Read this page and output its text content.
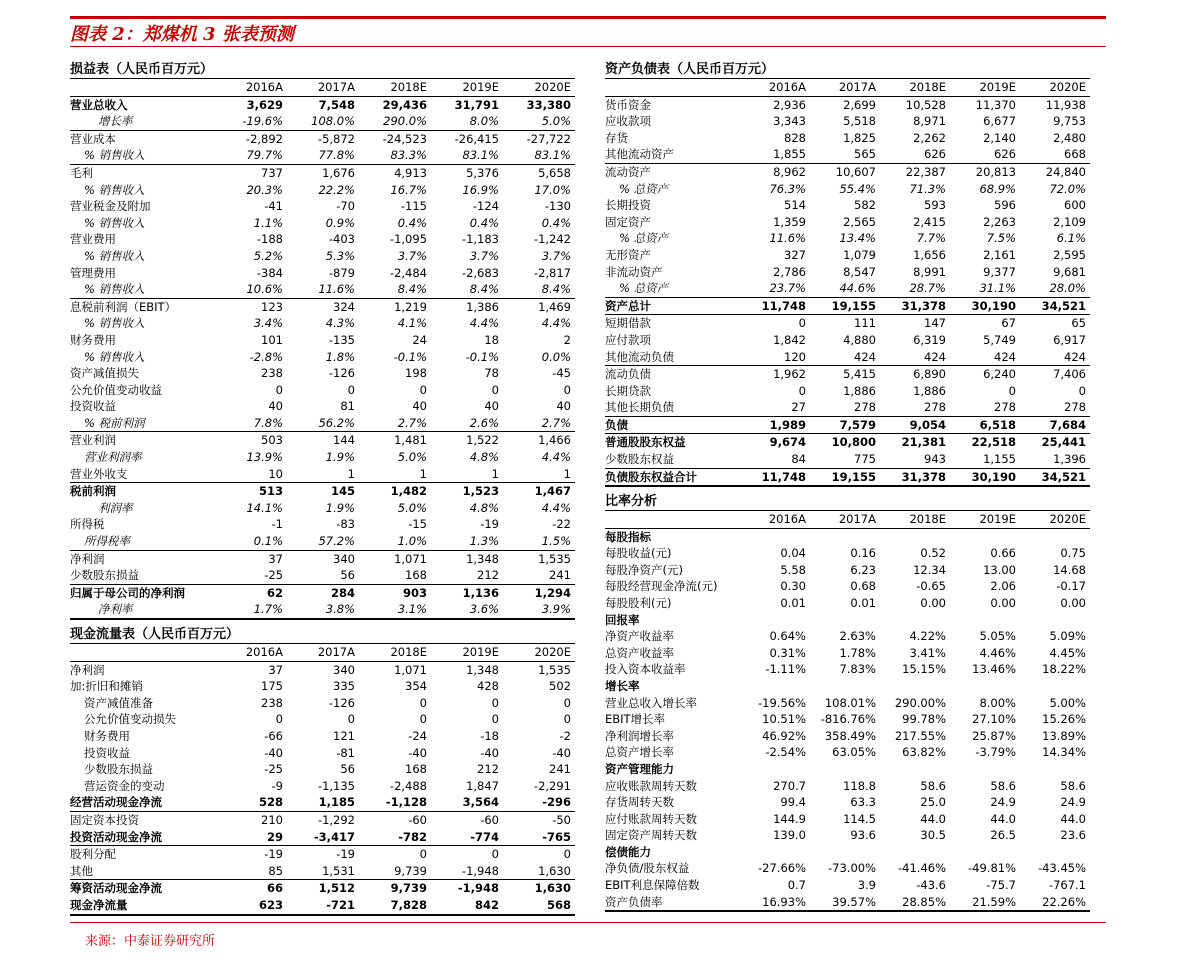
图表 2：郑煤机 3 张表预测
损益表（人民币百万元）
	2016A	2017A	2018E	2019E	2020E
营业总收入	3,629	7,548	29,436	31,791	33,380
增长率	-19.6%	108.0%	290.0%	8.0%	5.0%
营业成本	-2,892	-5,872	-24,523	-26,415	-27,722
% 销售收入	79.7%	77.8%	83.3%	83.1%	83.1%
毛利	737	1,676	4,913	5,376	5,658
% 销售收入	20.3%	22.2%	16.7%	16.9%	17.0%
营业税金及附加	-41	-70	-115	-124	-130
% 销售收入	1.1%	0.9%	0.4%	0.4%	0.4%
营业费用	-188	-403	-1,095	-1,183	-1,242
% 销售收入	5.2%	5.3%	3.7%	3.7%	3.7%
管理费用	-384	-879	-2,484	-2,683	-2,817
% 销售收入	10.6%	11.6%	8.4%	8.4%	8.4%
息税前利润（EBIT）	123	324	1,219	1,386	1,469
% 销售收入	3.4%	4.3%	4.1%	4.4%	4.4%
财务费用	101	-135	24	18	2
% 销售收入	-2.8%	1.8%	-0.1%	-0.1%	0.0%
资产减值损失	238	-126	198	78	-45
公允价值变动收益	0	0	0	0	0
投资收益	40	81	40	40	40
% 税前利润	7.8%	56.2%	2.7%	2.6%	2.7%
营业利润	503	144	1,481	1,522	1,466
营业利润率	13.9%	1.9%	5.0%	4.8%	4.4%
营业外收支	10	1	1	1	1
税前利润	513	145	1,482	1,523	1,467
利润率	14.1%	1.9%	5.0%	4.8%	4.4%
所得税	-1	-83	-15	-19	-22
所得税率	0.1%	57.2%	1.0%	1.3%	1.5%
净利润	37	340	1,071	1,348	1,535
少数股东损益	-25	56	168	212	241
归属于母公司的净利润	62	284	903	1,136	1,294
净利率	1.7%	3.8%	3.1%	3.6%	3.9%
现金流量表（人民币百万元）
	2016A	2017A	2018E	2019E	2020E
净利润	37	340	1,071	1,348	1,535
加:折旧和摊销	175	335	354	428	502
资产减值准备	238	-126	0	0	0
公允价值变动损失	0	0	0	0	0
财务费用	-66	121	-24	-18	-2
投资收益	-40	-81	-40	-40	-40
少数股东损益	-25	56	168	212	241
营运资金的变动	-9	-1,135	-2,488	1,847	-2,291
经营活动现金净流	528	1,185	-1,128	3,564	-296
固定资本投资	210	-1,292	-60	-60	-50
投资活动现金净流	29	-3,417	-782	-774	-765
股利分配	-19	-19	0	0	0
其他	85	1,531	9,739	-1,948	1,630
筹资活动现金净流	66	1,512	9,739	-1,948	1,630
现金净流量	623	-721	7,828	842	568
资产负债表（人民币百万元）
	2016A	2017A	2018E	2019E	2020E
货币资金	2,936	2,699	10,528	11,370	11,938
应收款项	3,343	5,518	8,971	6,677	9,753
存货	828	1,825	2,262	2,140	2,480
其他流动资产	1,855	565	626	626	668
流动资产	8,962	10,607	22,387	20,813	24,840
% 总资产	76.3%	55.4%	71.3%	68.9%	72.0%
长期投资	514	582	593	596	600
固定资产	1,359	2,565	2,415	2,263	2,109
% 总资产	11.6%	13.4%	7.7%	7.5%	6.1%
无形资产	327	1,079	1,656	2,161	2,595
非流动资产	2,786	8,547	8,991	9,377	9,681
% 总资产	23.7%	44.6%	28.7%	31.1%	28.0%
资产总计	11,748	19,155	31,378	30,190	34,521
短期借款	0	111	147	67	65
应付款项	1,842	4,880	6,319	5,749	6,917
其他流动负债	120	424	424	424	424
流动负债	1,962	5,415	6,890	6,240	7,406
长期贷款	0	1,886	1,886	0	0
其他长期负债	27	278	278	278	278
负债	1,989	7,579	9,054	6,518	7,684
普通股股东权益	9,674	10,800	21,381	22,518	25,441
少数股东权益	84	775	943	1,155	1,396
负债股东权益合计	11,748	19,155	31,378	30,190	34,521
比率分析
	2016A	2017A	2018E	2019E	2020E
每股指标					
每股收益(元)	0.04	0.16	0.52	0.66	0.75
每股净资产(元)	5.58	6.23	12.34	13.00	14.68
每股经营现金净流(元)	0.30	0.68	-0.65	2.06	-0.17
每股股利(元)	0.01	0.01	0.00	0.00	0.00
回报率					
净资产收益率	0.64%	2.63%	4.22%	5.05%	5.09%
总资产收益率	0.31%	1.78%	3.41%	4.46%	4.45%
投入资本收益率	-1.11%	7.83%	15.15%	13.46%	18.22%
增长率					
营业总收入增长率	-19.56%	108.01%	290.00%	8.00%	5.00%
EBIT增长率	10.51%	-816.76%	99.78%	27.10%	15.26%
净利润增长率	46.92%	358.49%	217.55%	25.87%	13.89%
总资产增长率	-2.54%	63.05%	63.82%	-3.79%	14.34%
资产管理能力					
应收账款周转天数	270.7	118.8	58.6	58.6	58.6
存货周转天数	99.4	63.3	25.0	24.9	24.9
应付账款周转天数	144.9	114.5	44.0	44.0	44.0
固定资产周转天数	139.0	93.6	30.5	26.5	23.6
偿债能力					
净负债/股东权益	-27.66%	-73.00%	-41.46%	-49.81%	-43.45%
EBIT利息保障倍数	0.7	3.9	-43.6	-75.7	-767.1
资产负债率	16.93%	39.57%	28.85%	21.59%	22.26%
来源：中泰证券研究所
